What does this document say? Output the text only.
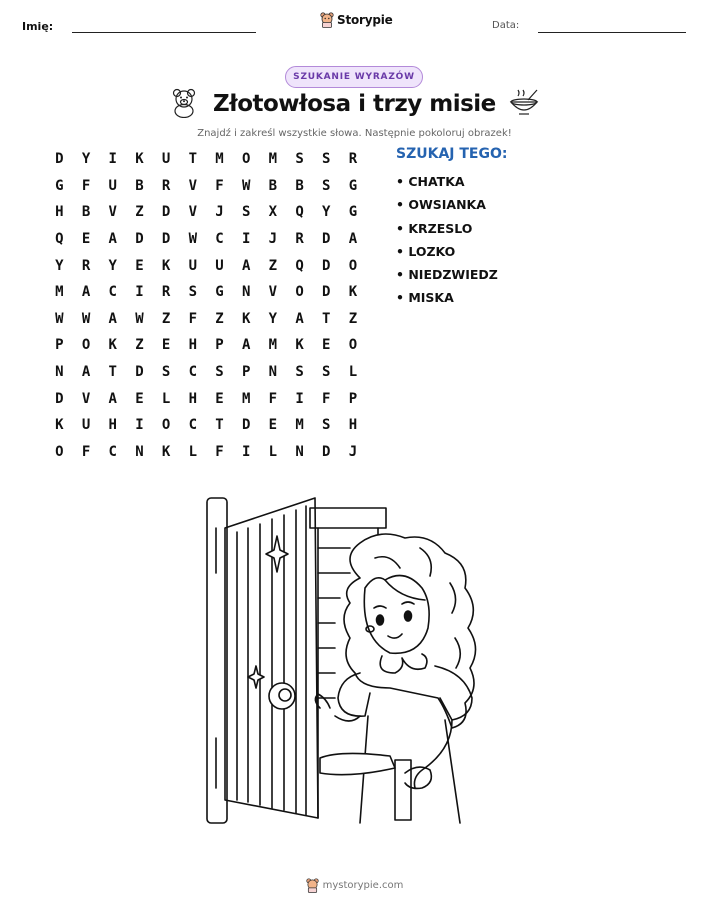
Imię:	Storypie	Data:
SZUKANIE WYRAZÓW
Złotowłosa i trzy misie
Znajdź i zakreśl wszystkie słowa. Następnie pokoloruj obrazek!
D	Y	I	K	U	T	M	O	M	S	S	R
G	F	U	B	R	V	F	W	B	B	S	G
H	B	V	Z	D	V	J	S	X	Q	Y	G
Q	E	A	D	D	W	C	I	J	R	D	A
Y	R	Y	E	K	U	U	A	Z	Q	D	O
M	A	C	I	R	S	G	N	V	O	D	K
W	W	A	W	Z	F	Z	K	Y	A	T	Z
P	O	K	Z	E	H	P	A	M	K	E	O
N	A	T	D	S	C	S	P	N	S	S	L
D	V	A	E	L	H	E	M	F	I	F	P
K	U	H	I	O	C	T	D	E	M	S	H
O	F	C	N	K	L	F	I	L	N	D	J
SZUKAJ TEGO:
• CHATKA
• OWSIANKA
• KRZESLO
• LOZKO
• NIEDZWIEDZ
• MISKA
mystorypie.com
